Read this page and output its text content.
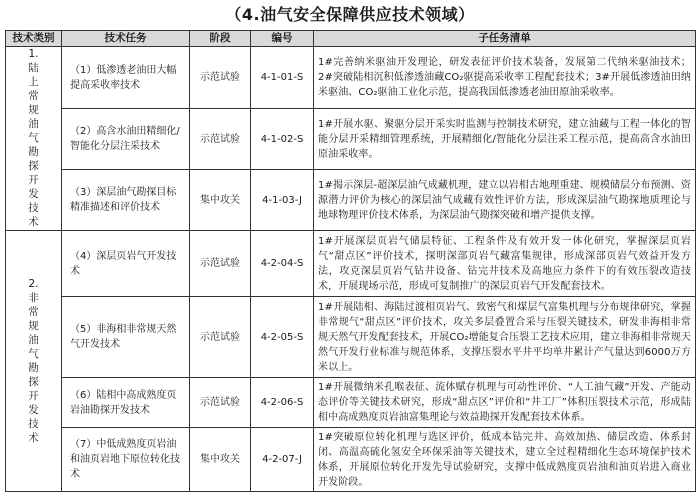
（4.油气安全保障供应技术领域）
技术类别	技术任务	阶段	编号	子任务清单
1.陆上常规油气勘探开发技术	（1）低渗透老油田大幅提高采收率技术	示范试验	4-1-01-S	1#完善纳米驱油开发理论，研发表征评价技术装备，发展第二代纳米驱油技术；2#突破陆相沉积低渗透油藏CO₂驱提高采收率工程配套技术；3#开展低渗透油田纳米驱油、CO₂驱油工业化示范，提高我国低渗透老油田原油采收率。
	（2）高含水油田精细化/智能化分层注采技术	示范试验	4-1-02-S	1#开展水驱、聚驱分层开采实时监测与控制技术研究，建立油藏与工程一体化的智能分层开采精细管理系统，开展精细化/智能化分层注采工程示范，提高高含水油田原油采收率。
	（3）深层油气勘探目标精准描述和评价技术	集中攻关	4-1-03-J	1#揭示深层-超深层油气成藏机理，建立以岩相古地理重建、规模储层分布预测、资源潜力评价为核心的深层油气成藏有效性评价方法，形成深层油气勘探地质理论与地球物理评价技术体系，为深层油气勘探突破和增产提供支撑。
2.非常规油气勘探开发技术	（4）深层页岩气开发技术	示范试验	4-2-04-S	1#开展深层页岩气储层特征、工程条件及有效开发一体化研究，掌握深层页岩气“甜点区”评价技术，探明深部页岩气藏富集规律，形成深部页岩气效益开发方法，攻克深层页岩气钻井设备、钻完井技术及高地应力条件下的有效压裂改造技术，开展现场示范，形成可复制推广的深层页岩气开发配套技术。
	（5）非海相非常规天然气开发技术	示范试验	4-2-05-S	1#开展陆相、海陆过渡相页岩气、致密气和煤层气富集机理与分布规律研究，掌握非常规气“甜点区”评价技术，攻关多层叠置合采与压裂关键技术，研发非海相非常规天然气开发配套技术，开展CO₂增能复合压裂工艺技术应用，建立非海相非常规天然气开发行业标准与规范体系，支撑压裂水平井平均单井累计产气量达到6000万方米以上。
	（6）陆相中高成熟度页岩油勘探开发技术	示范试验	4-2-06-S	1#开展微纳米孔喉表征、流体赋存机理与可动性评价、“人工油气藏”开发、产能动态评价等关键技术研究，形成“甜点区”评价和“井工厂”体积压裂技术示范，形成陆相中高成熟度页岩油富集理论与效益勘探开发配套技术体系。
	（7）中低成熟度页岩油和油页岩地下原位转化技术	集中攻关	4-2-07-J	1#突破原位转化机理与选区评价，低成本钻完井、高效加热、储层改造、体系封闭、高温高硫化氢安全环保采油等关键技术，建立全过程精细化生态环境保护技术体系，开展原位转化开发先导试验研究，支撑中低成熟度页岩油和油页岩进入商业开发阶段。
